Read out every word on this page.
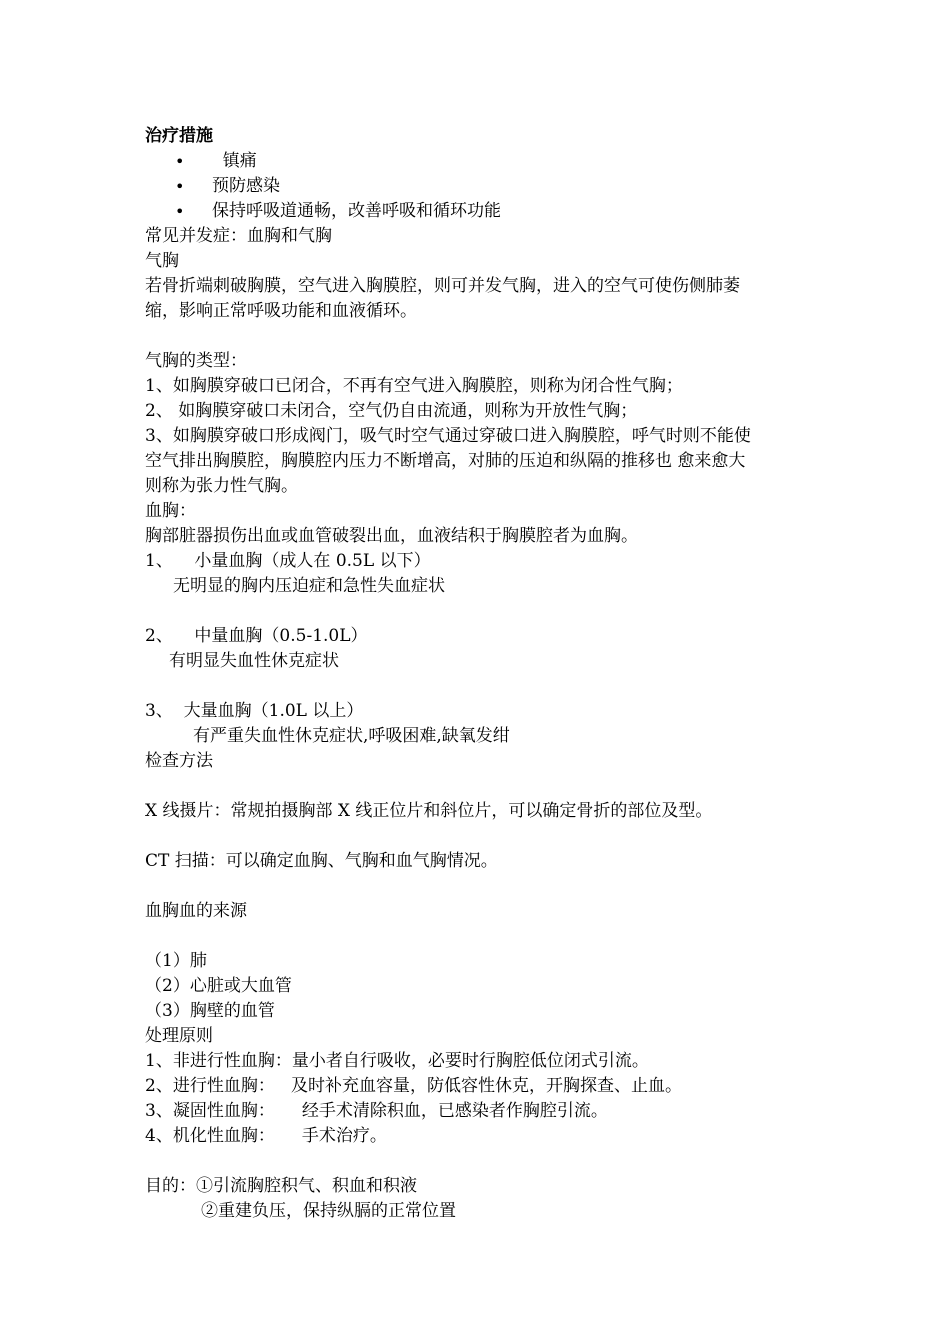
治疗措施
• 镇痛
• 预防感染
• 保持呼吸道通畅，改善呼吸和循环功能
常见并发症：血胸和气胸
气胸
若骨折端刺破胸膜，空气进入胸膜腔，则可并发气胸，进入的空气可使伤侧肺萎
缩，影响正常呼吸功能和血液循环。
气胸的类型：
1、如胸膜穿破口已闭合，不再有空气进入胸膜腔，则称为闭合性气胸；
2、 如胸膜穿破口未闭合，空气仍自由流通，则称为开放性气胸；
3、如胸膜穿破口形成阀门，吸气时空气通过穿破口进入胸膜腔，呼气时则不能使
空气排出胸膜腔，胸膜腔内压力不断增高，对肺的压迫和纵隔的推移也 愈来愈大
则称为张力性气胸。
血胸：
胸部脏器损伤出血或血管破裂出血，血液结积于胸膜腔者为血胸。
1、    小量血胸（成人在 0.5L 以下）
无明显的胸内压迫症和急性失血症状
2、    中量血胸（0.5-1.0L）
有明显失血性休克症状
3、  大量血胸（1.0L 以上）
有严重失血性休克症状,呼吸困难,缺氧发绀
检查方法
X 线摄片：常规拍摄胸部 X 线正位片和斜位片，可以确定骨折的部位及型。
CT 扫描：可以确定血胸、气胸和血气胸情况。
血胸血的来源
（1）肺
（2）心脏或大血管
（3）胸壁的血管
处理原则
1、非进行性血胸：量小者自行吸收，必要时行胸腔低位闭式引流。
2、进行性血胸：   及时补充血容量，防低容性休克，开胸探查、止血。
3、凝固性血胸：     经手术清除积血，已感染者作胸腔引流。
4、机化性血胸：     手术治疗。
目的：①引流胸腔积气、积血和积液
②重建负压，保持纵膈的正常位置
